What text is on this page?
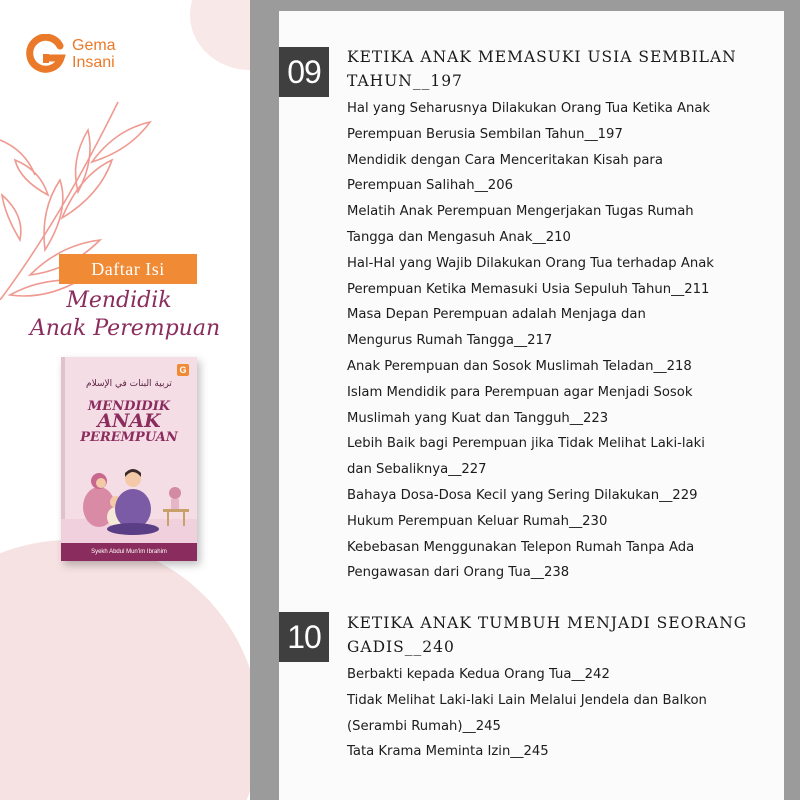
Gema
Insani
Daftar Isi
Mendidik
Anak Perempuan
G
تربية البنات في الإسلام
MENDIDIK
ANAK
PEREMPUAN
Syekh Abdul Mun'im Ibrahim
09	KETIKA ANAK MEMASUKI USIA SEMBILAN
TAHUN__197
Hal yang Seharusnya Dilakukan Orang Tua Ketika Anak
Perempuan Berusia Sembilan Tahun__197
Mendidik dengan Cara Menceritakan Kisah para
Perempuan Salihah__206
Melatih Anak Perempuan Mengerjakan Tugas Rumah
Tangga dan Mengasuh Anak__210
Hal-Hal yang Wajib Dilakukan Orang Tua terhadap Anak
Perempuan Ketika Memasuki Usia Sepuluh Tahun__211
Masa Depan Perempuan adalah Menjaga dan
Mengurus Rumah Tangga__217
Anak Perempuan dan Sosok Muslimah Teladan__218
Islam Mendidik para Perempuan agar Menjadi Sosok
Muslimah yang Kuat dan Tangguh__223
Lebih Baik bagi Perempuan jika Tidak Melihat Laki-laki
dan Sebaliknya__227
Bahaya Dosa-Dosa Kecil yang Sering Dilakukan__229
Hukum Perempuan Keluar Rumah__230
Kebebasan Menggunakan Telepon Rumah Tanpa Ada
Pengawasan dari Orang Tua__238
10	KETIKA ANAK TUMBUH MENJADI SEORANG
GADIS__240
Berbakti kepada Kedua Orang Tua__242
Tidak Melihat Laki-laki Lain Melalui Jendela dan Balkon
(Serambi Rumah)__245
Tata Krama Meminta Izin__245
